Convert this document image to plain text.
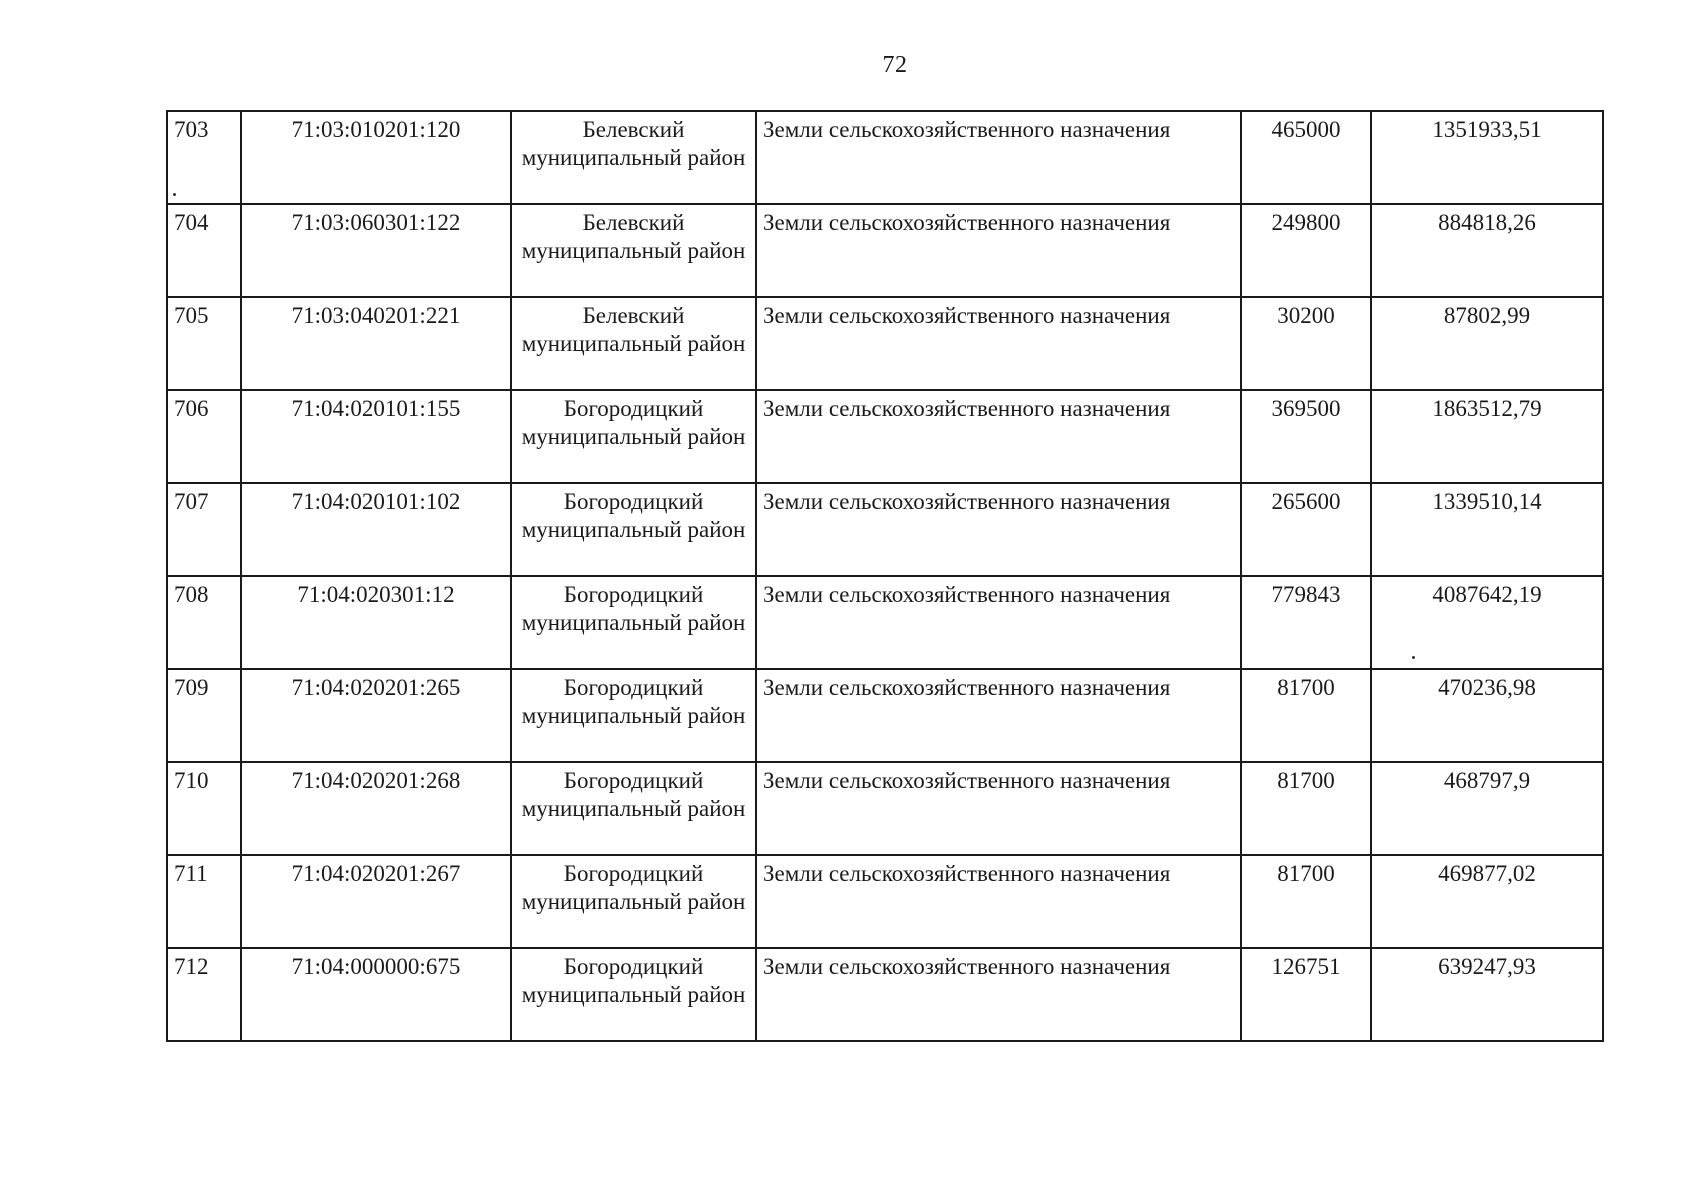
72
703	71:03:010201:120	Белевский муниципальный район	Земли сельскохозяйственного назначения	465000	1351933,51
704	71:03:060301:122	Белевский муниципальный район	Земли сельскохозяйственного назначения	249800	884818,26
705	71:03:040201:221	Белевский муниципальный район	Земли сельскохозяйственного назначения	30200	87802,99
706	71:04:020101:155	Богородицкий муниципальный район	Земли сельскохозяйственного назначения	369500	1863512,79
707	71:04:020101:102	Богородицкий муниципальный район	Земли сельскохозяйственного назначения	265600	1339510,14
708	71:04:020301:12	Богородицкий муниципальный район	Земли сельскохозяйственного назначения	779843	4087642,19
709	71:04:020201:265	Богородицкий муниципальный район	Земли сельскохозяйственного назначения	81700	470236,98
710	71:04:020201:268	Богородицкий муниципальный район	Земли сельскохозяйственного назначения	81700	468797,9
711	71:04:020201:267	Богородицкий муниципальный район	Земли сельскохозяйственного назначения	81700	469877,02
712	71:04:000000:675	Богородицкий муниципальный район	Земли сельскохозяйственного назначения	126751	639247,93
